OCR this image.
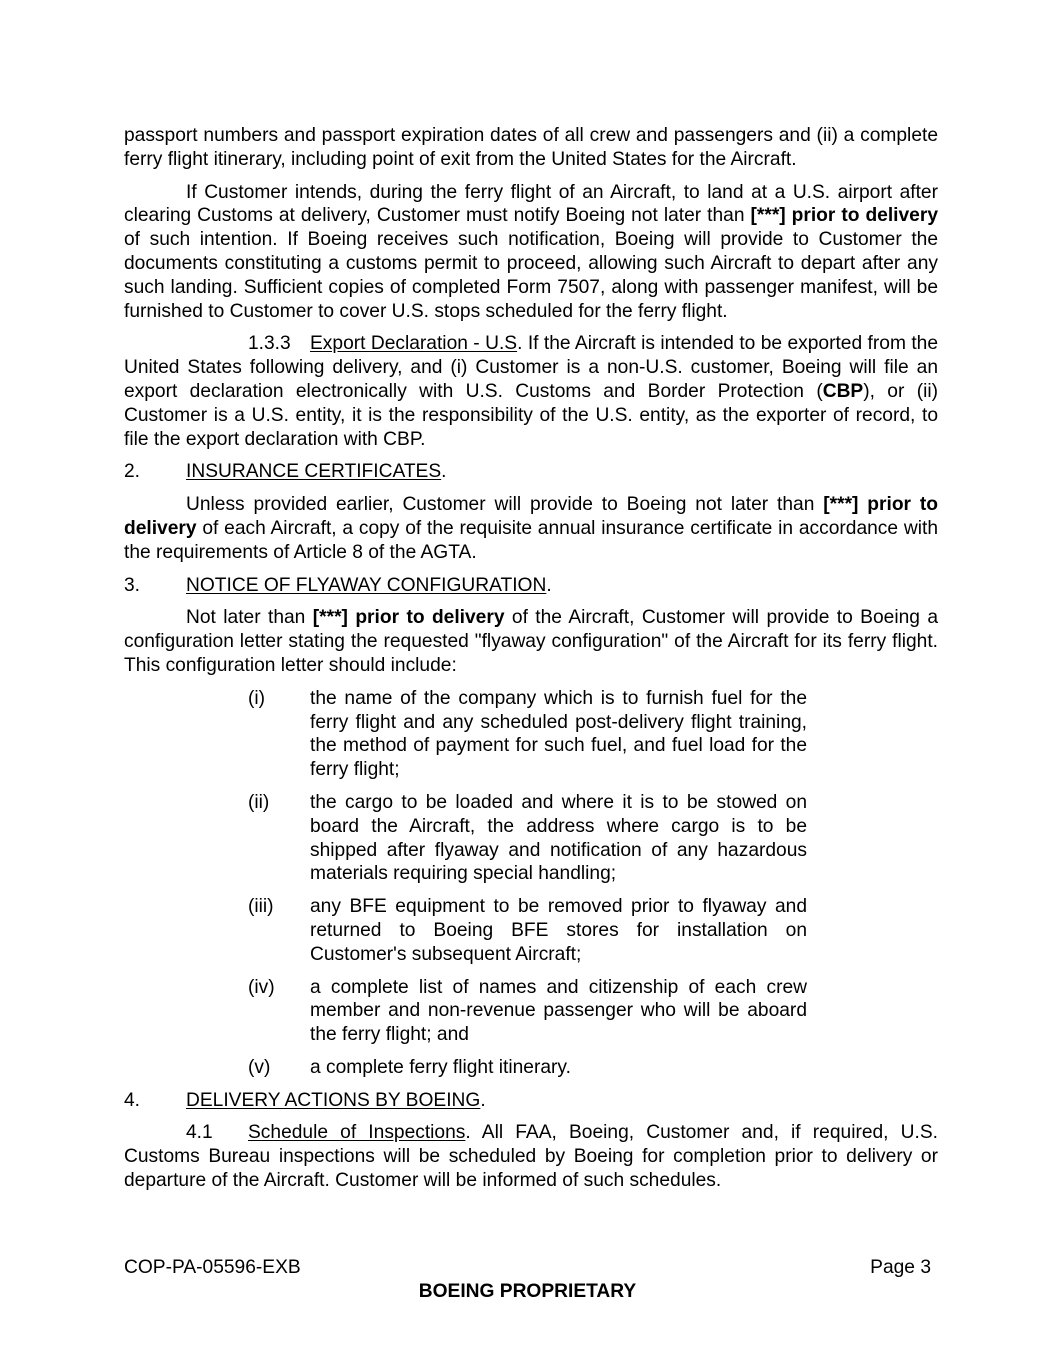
passport numbers and passport expiration dates of all crew and passengers and (ii) a complete ferry flight itinerary, including point of exit from the United States for the Aircraft.

If Customer intends, during the ferry flight of an Aircraft, to land at a U.S. airport after clearing Customs at delivery, Customer must notify Boeing not later than [***] prior to delivery of such intention. If Boeing receives such notification, Boeing will provide to Customer the documents constituting a customs permit to proceed, allowing such Aircraft to depart after any such landing. Sufficient copies of completed Form 7507, along with passenger manifest, will be furnished to Customer to cover U.S. stops scheduled for the ferry flight.

1.3.3 Export Declaration - U.S. If the Aircraft is intended to be exported from the United States following delivery, and (i) Customer is a non-U.S. customer, Boeing will file an export declaration electronically with U.S. Customs and Border Protection (CBP), or (ii) Customer is a U.S. entity, it is the responsibility of the U.S. entity, as the exporter of record, to file the export declaration with CBP.

2.	INSURANCE CERTIFICATES.

Unless provided earlier, Customer will provide to Boeing not later than [***] prior to delivery of each Aircraft, a copy of the requisite annual insurance certificate in accordance with the requirements of Article 8 of the AGTA.

3.	NOTICE OF FLYAWAY CONFIGURATION.

Not later than [***] prior to delivery of the Aircraft, Customer will provide to Boeing a configuration letter stating the requested "flyaway configuration" of the Aircraft for its ferry flight. This configuration letter should include:

(i)	the name of the company which is to furnish fuel for the ferry flight and any scheduled post-delivery flight training, the method of payment for such fuel, and fuel load for the ferry flight;
(ii)	the cargo to be loaded and where it is to be stowed on board the Aircraft, the address where cargo is to be shipped after flyaway and notification of any hazardous materials requiring special handling;
(iii)	any BFE equipment to be removed prior to flyaway and returned to Boeing BFE stores for installation on Customer's subsequent Aircraft;
(iv)	a complete list of names and citizenship of each crew member and non-revenue passenger who will be aboard the ferry flight; and
(v)	a complete ferry flight itinerary.
4.	DELIVERY ACTIONS BY BOEING.

4.1 Schedule of Inspections. All FAA, Boeing, Customer and, if required, U.S. Customs Bureau inspections will be scheduled by Boeing for completion prior to delivery or departure of the Aircraft. Customer will be informed of such schedules.

COP-PA-05596-EXB	Page 3
BOEING PROPRIETARY
